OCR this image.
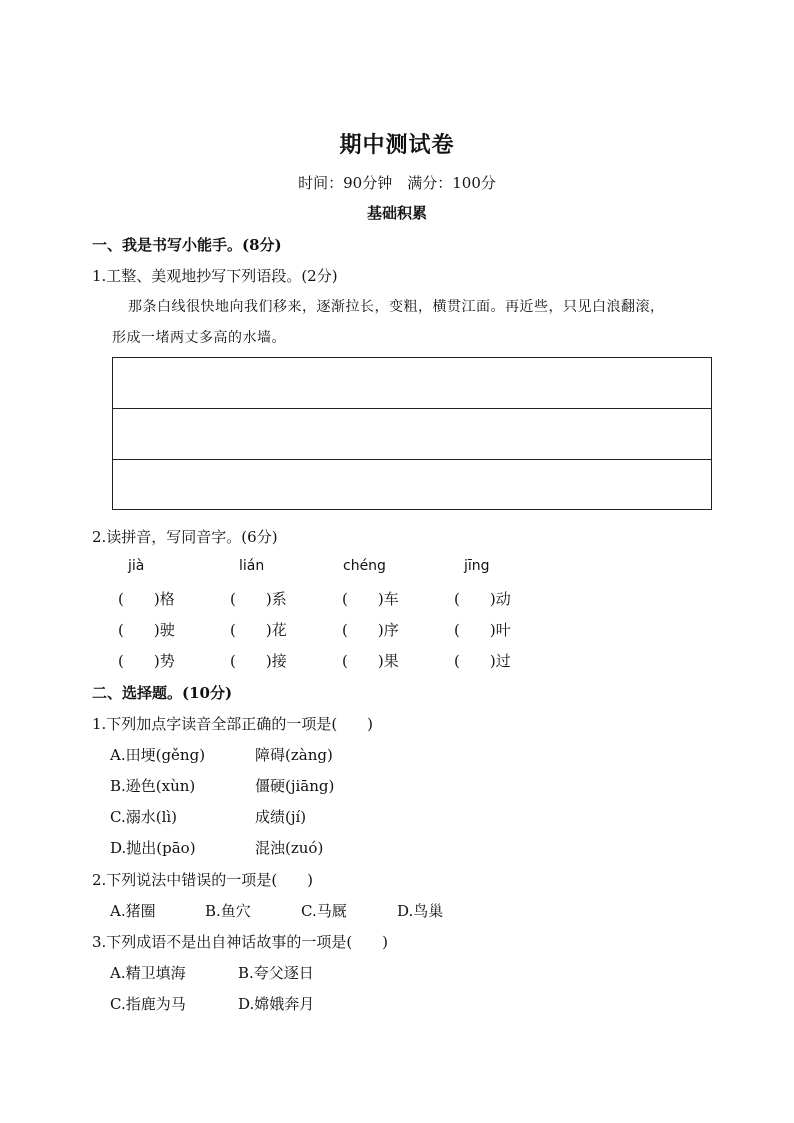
期中测试卷
时间：90分钟　满分：100分
基础积累
一、我是书写小能手。(8分)
1.工整、美观地抄写下列语段。(2分)
那条白线很快地向我们移来，逐渐拉长，变粗，横贯江面。再近些，只见白浪翻滚，
形成一堵两丈多高的水墙。
2.读拼音，写同音字。(6分)
jià	lián	chéng	jīng
(　　)格	(　　)系	(　　)车	(　　)动
(　　)驶	(　　)花	(　　)序	(　　)叶
(　　)势	(　　)接	(　　)果	(　　)过
二、选择题。(10分)
1.下列加点字读音全部正确的一项是(　　)
A.田埂(gěng)	障碍(zàng)
B.逊色(xùn)	僵硬(jiāng)
C.溺水(lì)	成绩(jí)
D.抛出(pāo)	混浊(zuó)
2.下列说法中错误的一项是(　　)
A.猪圈	B.鱼穴	C.马厩	D.鸟巢
3.下列成语不是出自神话故事的一项是(　　)
A.精卫填海	B.夸父逐日
C.指鹿为马	D.嫦娥奔月
